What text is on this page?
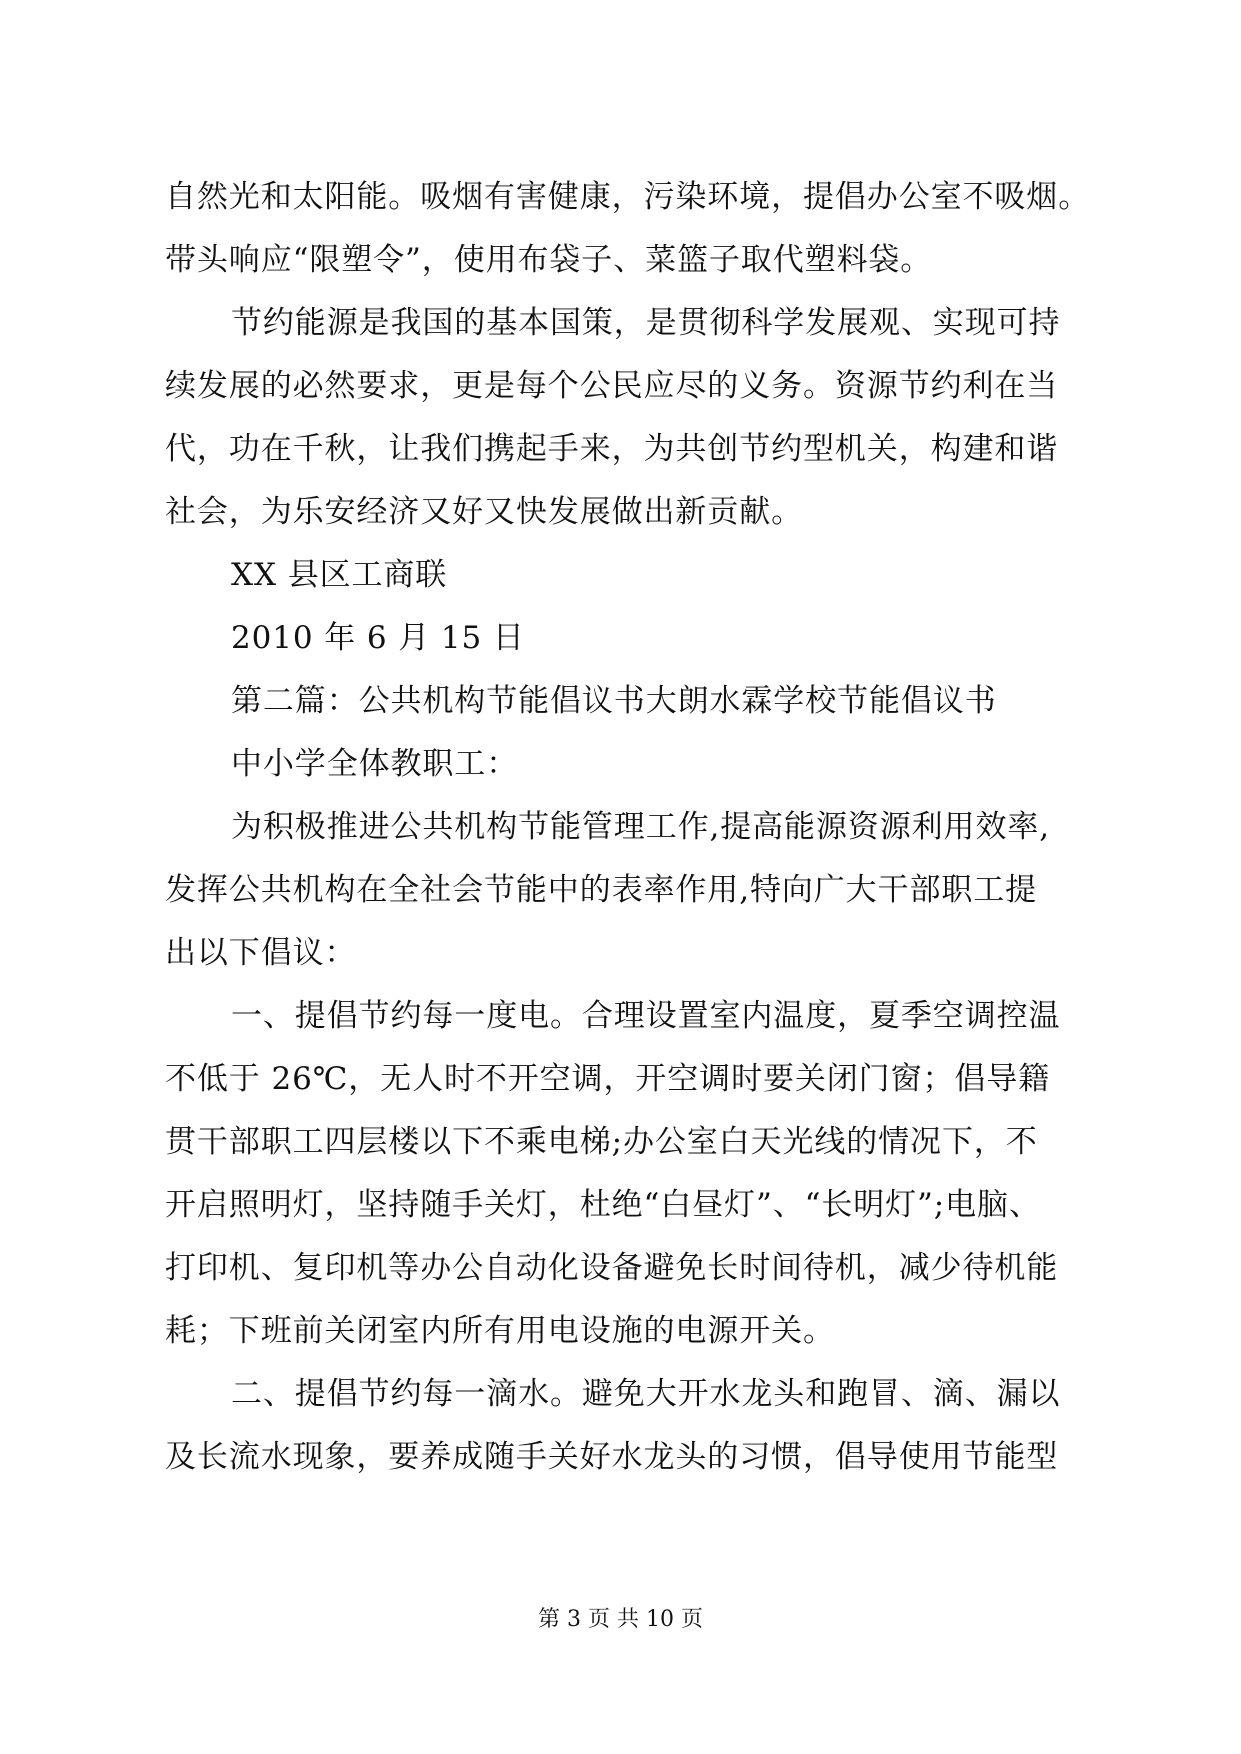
自然光和太阳能。吸烟有害健康，污染环境，提倡办公室不吸烟。
带头响应“限塑令”，使用布袋子、菜篮子取代塑料袋。
节约能源是我国的基本国策，是贯彻科学发展观、实现可持
续发展的必然要求，更是每个公民应尽的义务。资源节约利在当
代，功在千秋，让我们携起手来，为共创节约型机关，构建和谐
社会，为乐安经济又好又快发展做出新贡献。
XX 县区工商联
2010 年 6 月 15 日
第二篇：公共机构节能倡议书大朗水霖学校节能倡议书
中小学全体教职工：
为积极推进公共机构节能管理工作,提高能源资源利用效率,
发挥公共机构在全社会节能中的表率作用,特向广大干部职工提
出以下倡议：
一、提倡节约每一度电。合理设置室内温度，夏季空调控温
不低于 26℃，无人时不开空调，开空调时要关闭门窗；倡导籍
贯干部职工四层楼以下不乘电梯;办公室白天光线的情况下，不
开启照明灯，坚持随手关灯，杜绝“白昼灯”、“长明灯”;电脑、
打印机、复印机等办公自动化设备避免长时间待机，减少待机能
耗；下班前关闭室内所有用电设施的电源开关。
二、提倡节约每一滴水。避免大开水龙头和跑冒、滴、漏以
及长流水现象，要养成随手关好水龙头的习惯，倡导使用节能型
第 3 页 共 10 页
